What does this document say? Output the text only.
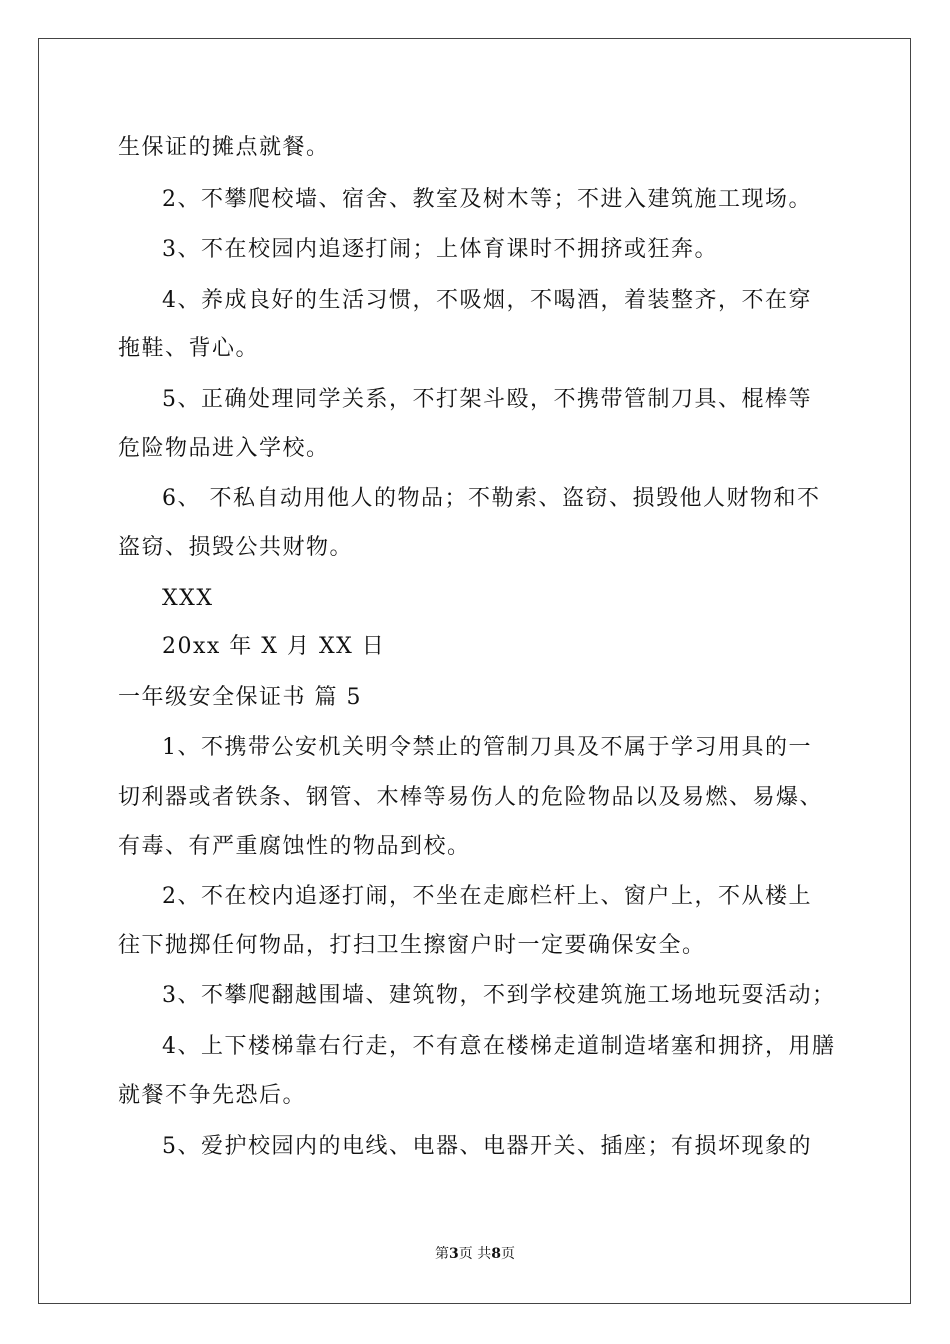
生保证的摊点就餐。
2、不攀爬校墙、宿舍、教室及树木等；不进入建筑施工现场。
3、不在校园内追逐打闹；上体育课时不拥挤或狂奔。
4、养成良好的生活习惯，不吸烟，不喝酒，着装整齐，不在穿
拖鞋、背心。
5、正确处理同学关系，不打架斗殴，不携带管制刀具、棍棒等
危险物品进入学校。
6、 不私自动用他人的物品；不勒索、盗窃、损毁他人财物和不
盗窃、损毁公共财物。
XXX
20xx 年 X 月 XX 日
一年级安全保证书 篇 5
1、不携带公安机关明令禁止的管制刀具及不属于学习用具的一
切利器或者铁条、钢管、木棒等易伤人的危险物品以及易燃、易爆、
有毒、有严重腐蚀性的物品到校。
2、不在校内追逐打闹，不坐在走廊栏杆上、窗户上，不从楼上
往下抛掷任何物品，打扫卫生擦窗户时一定要确保安全。
3、不攀爬翻越围墙、建筑物，不到学校建筑施工场地玩耍活动；
4、上下楼梯靠右行走，不有意在楼梯走道制造堵塞和拥挤，用膳
就餐不争先恐后。
5、爱护校园内的电线、电器、电器开关、插座；有损坏现象的
第3页 共8页
